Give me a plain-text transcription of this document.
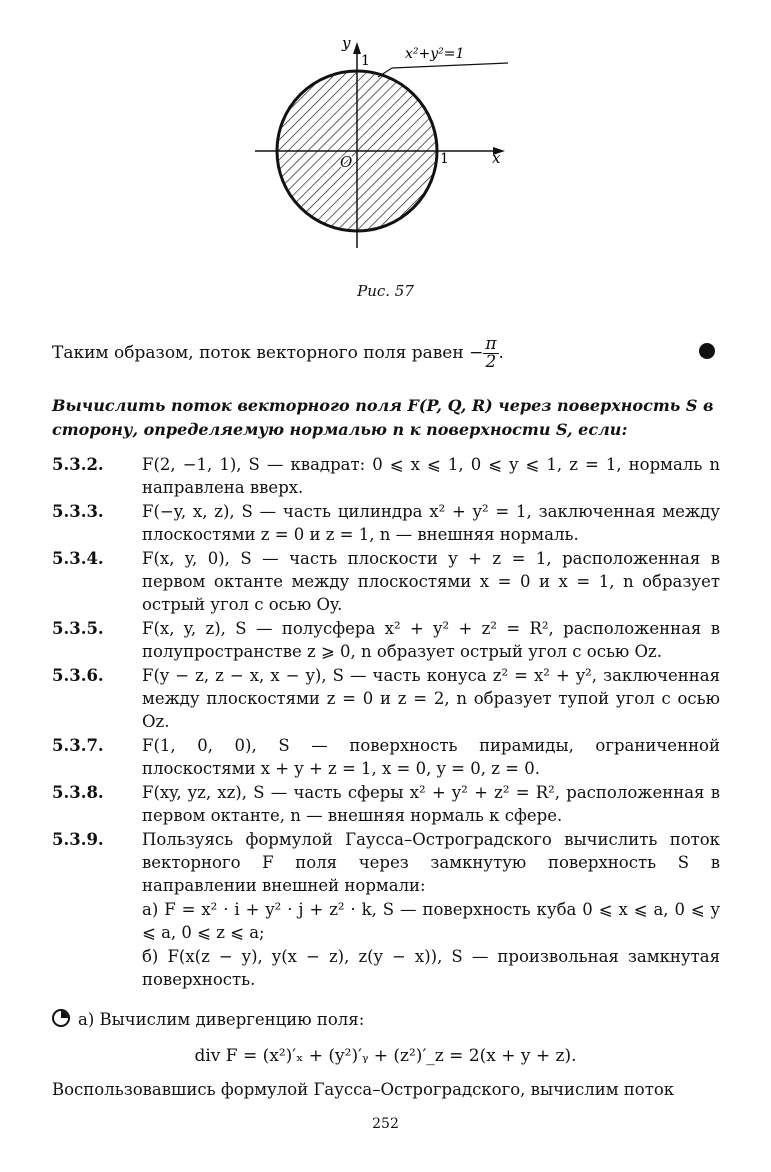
y
1
x
1
O
x²+y²=1
Рис. 57
Таким образом, поток векторного поля равен − $\frac{\pi}{2}$ .
Вычислить поток векторного поля F(P, Q, R) через поверхность S в сторону, определяемую нормалью n к поверхности S, если:
5.3.2.	F(2, −1, 1), S — квадрат: 0 ⩽ x ⩽ 1, 0 ⩽ y ⩽ 1, z = 1, нормаль n направлена вверх.
5.3.3.	F(−y, x, z), S — часть цилиндра x² + y² = 1, заключенная между плоскостями z = 0 и z = 1, n — внешняя нормаль.
5.3.4.	F(x, y, 0), S — часть плоскости y + z = 1, расположенная в первом октанте между плоскостями x = 0 и x = 1, n образует острый угол с осью Oy.
5.3.5.	F(x, y, z), S — полусфера x² + y² + z² = R², расположенная в полупространстве z ⩾ 0, n образует острый угол с осью Oz.
5.3.6.	F(y − z, z − x, x − y), S — часть конуса z² = x² + y², заключенная между плоскостями z = 0 и z = 2, n образует тупой угол с осью Oz.
5.3.7.	F(1, 0, 0), S — поверхность пирамиды, ограниченной плоскостями x + y + z = 1, x = 0, y = 0, z = 0.
5.3.8.	F(xy, yz, xz), S — часть сферы x² + y² + z² = R², расположенная в первом октанте, n — внешняя нормаль к сфере.
5.3.9.	Пользуясь формулой Гаусса–Остроградского вычислить поток векторного F поля через замкнутую поверхность S в направлении внешней нормали:
а) F = x² · i + y² · j + z² · k, S — поверхность куба 0 ⩽ x ⩽ a, 0 ⩽ y ⩽ a, 0 ⩽ z ⩽ a;
б) F(x(z − y), y(x − z), z(y − x)), S — произвольная замкнутая поверхность.
а) Вычислим дивергенцию поля:
div F = (x²)′ₓ + (y²)′ᵧ + (z²)′_z = 2(x + y + z).
Воспользовавшись формулой Гаусса–Остроградского, вычислим поток
252
